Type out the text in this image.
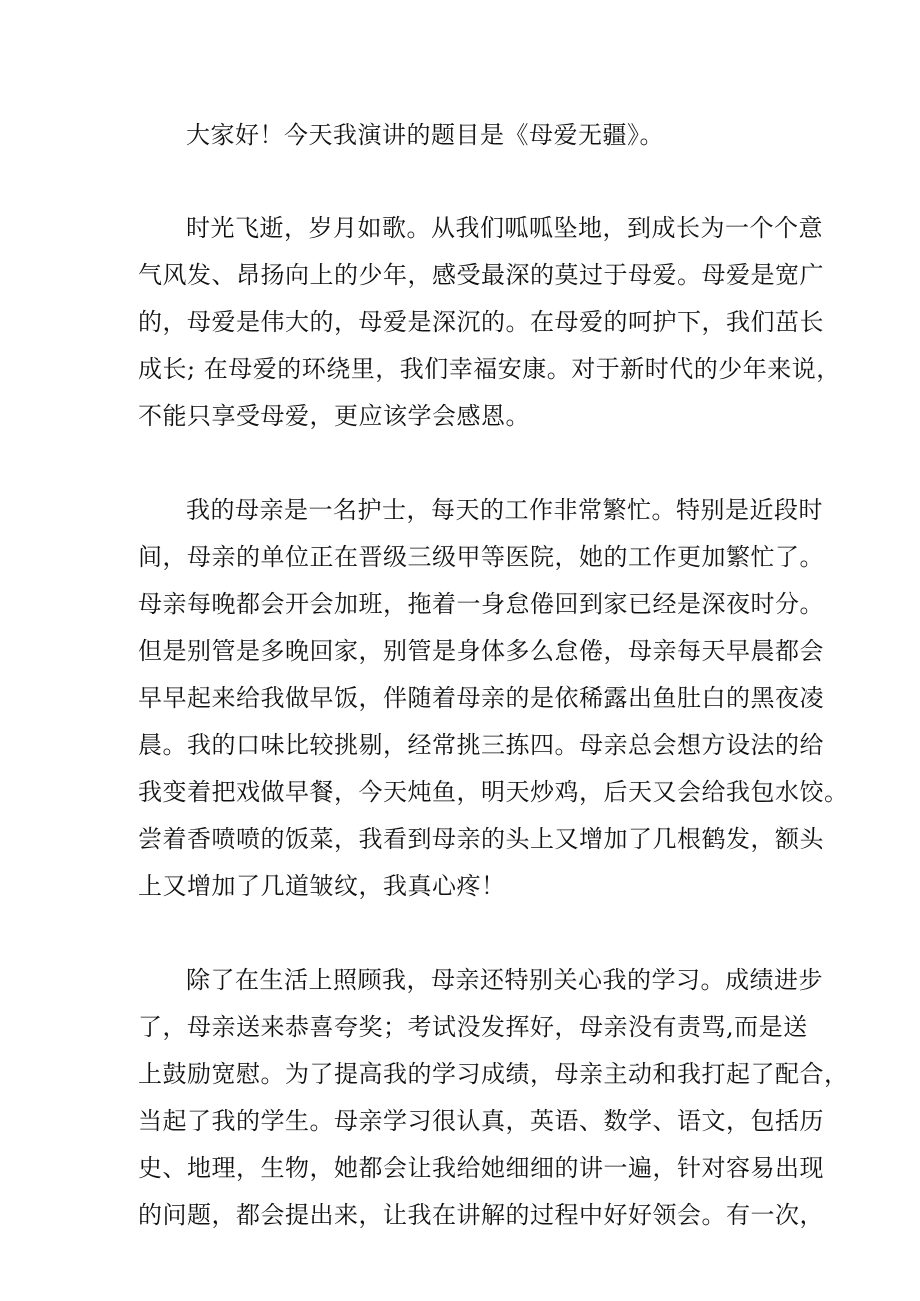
大家好！今天我演讲的题目是《母爱无疆》。

时光飞逝，岁月如歌。从我们呱呱坠地，到成长为一个个意
气风发、昂扬向上的少年，感受最深的莫过于母爱。母爱是宽广
的，母爱是伟大的，母爱是深沉的。在母爱的呵护下，我们茁长
成长; 在母爱的环绕里，我们幸福安康。对于新时代的少年来说，
不能只享受母爱，更应该学会感恩。

我的母亲是一名护士，每天的工作非常繁忙。特别是近段时
间，母亲的单位正在晋级三级甲等医院，她的工作更加繁忙了。
母亲每晚都会开会加班，拖着一身怠倦回到家已经是深夜时分。
但是别管是多晚回家，别管是身体多么怠倦，母亲每天早晨都会
早早起来给我做早饭，伴随着母亲的是依稀露出鱼肚白的黑夜凌
晨。我的口味比较挑剔，经常挑三拣四。母亲总会想方设法的给
我变着把戏做早餐，今天炖鱼，明天炒鸡，后天又会给我包水饺。
尝着香喷喷的饭菜，我看到母亲的头上又增加了几根鹤发，额头
上又增加了几道皱纹，我真心疼！

除了在生活上照顾我，母亲还特别关心我的学习。成绩进步
了，母亲送来恭喜夸奖；考试没发挥好，母亲没有责骂,而是送
上鼓励宽慰。为了提高我的学习成绩，母亲主动和我打起了配合，
当起了我的学生。母亲学习很认真，英语、数学、语文，包括历
史、地理，生物，她都会让我给她细细的讲一遍，针对容易出现
的问题，都会提出来，让我在讲解的过程中好好领会。有一次，
